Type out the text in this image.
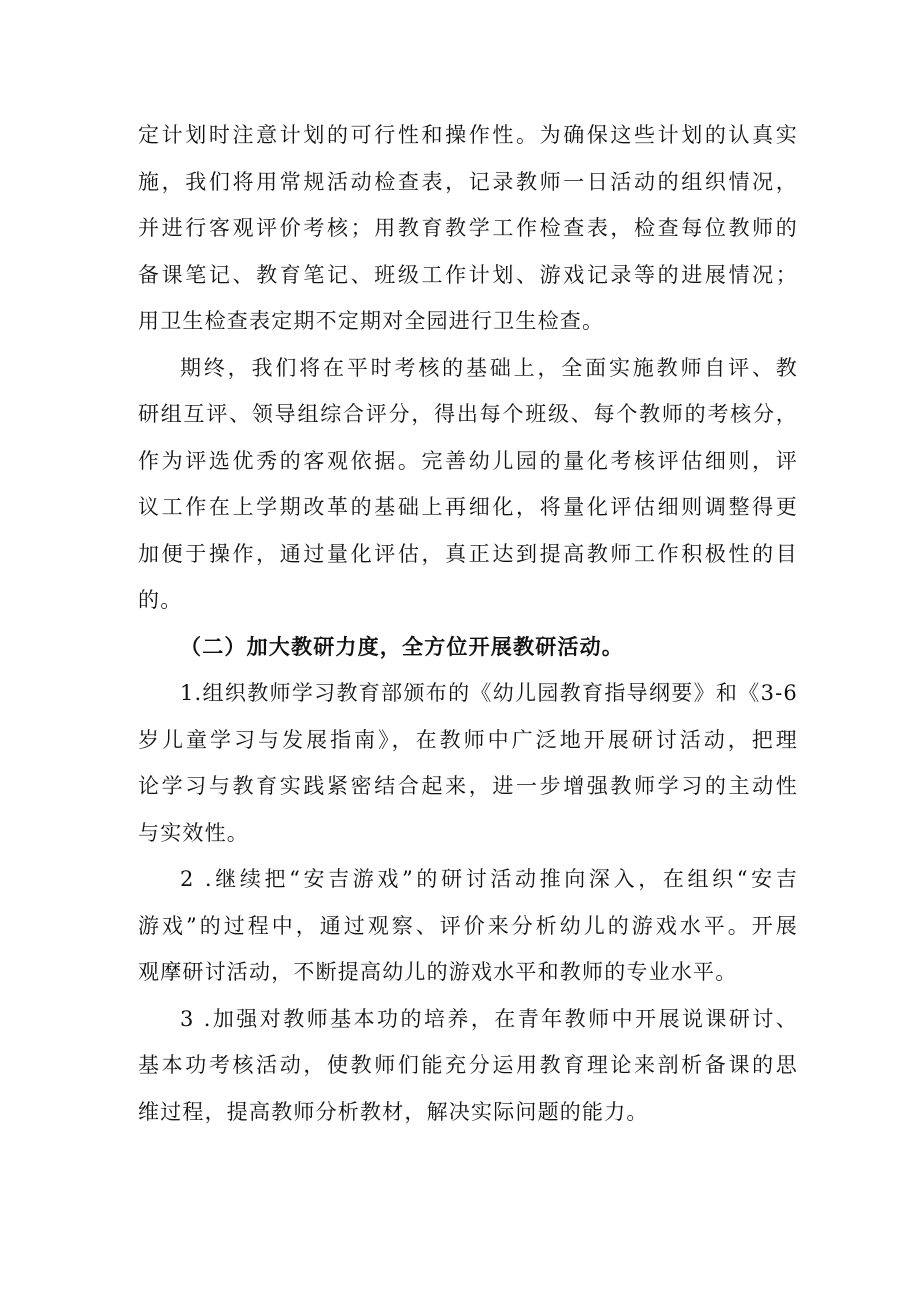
定计划时注意计划的可行性和操作性。为确保这些计划的认真实
施，我们将用常规活动检查表，记录教师一日活动的组织情况，
并进行客观评价考核；用教育教学工作检查表，检查每位教师的
备课笔记、教育笔记、班级工作计划、游戏记录等的进展情况；
用卫生检查表定期不定期对全园进行卫生检查。
期终，我们将在平时考核的基础上，全面实施教师自评、教
研组互评、领导组综合评分，得出每个班级、每个教师的考核分，
作为评选优秀的客观依据。完善幼儿园的量化考核评估细则，评
议工作在上学期改革的基础上再细化，将量化评估细则调整得更
加便于操作，通过量化评估，真正达到提高教师工作积极性的目
的。
（二）加大教研力度，全方位开展教研活动。
1.组织教师学习教育部颁布的《幼儿园教育指导纲要》和《3-6
岁儿童学习与发展指南》，在教师中广泛地开展研讨活动，把理
论学习与教育实践紧密结合起来，进一步增强教师学习的主动性
与实效性。
2 .继续把“安吉游戏”的研讨活动推向深入，在组织“安吉
游戏”的过程中，通过观察、评价来分析幼儿的游戏水平。开展
观摩研讨活动，不断提高幼儿的游戏水平和教师的专业水平。
3 .加强对教师基本功的培养，在青年教师中开展说课研讨、
基本功考核活动，使教师们能充分运用教育理论来剖析备课的思
维过程，提高教师分析教材，解决实际问题的能力。
